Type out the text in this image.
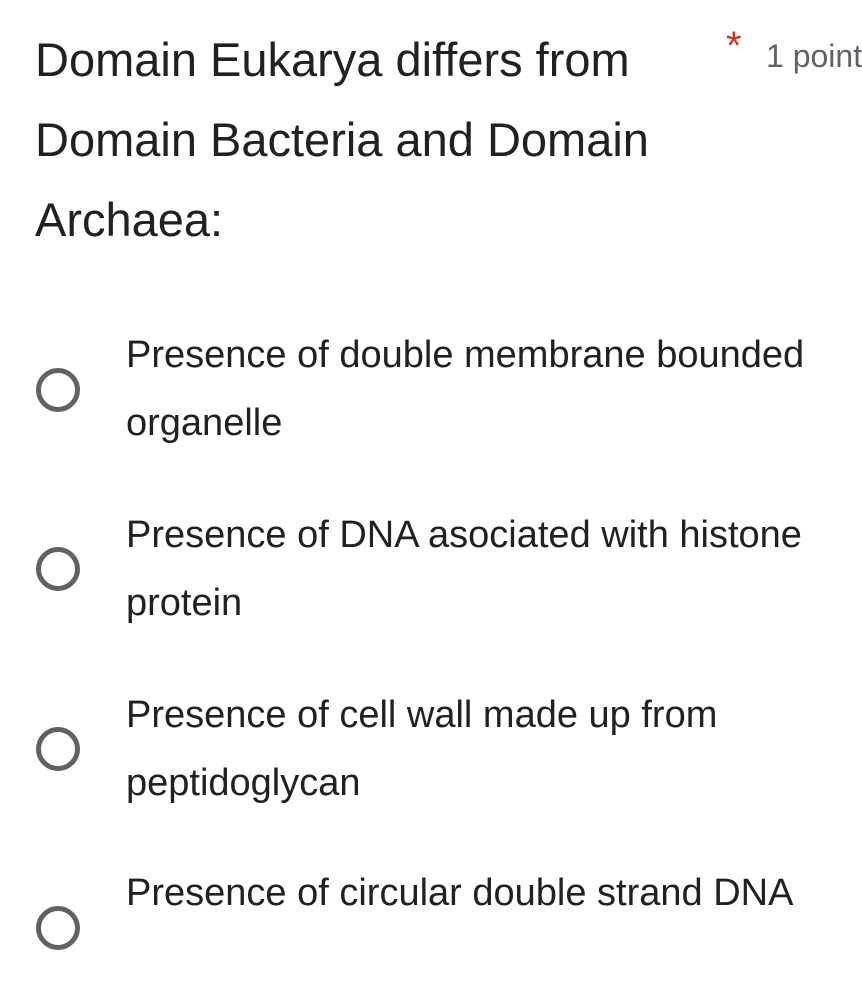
Domain Eukarya differs from Domain Bacteria and Domain Archaea:
* 1 point
Presence of double membrane bounded organelle
Presence of DNA asociated with histone protein
Presence of cell wall made up from peptidoglycan
Presence of circular double strand DNA
